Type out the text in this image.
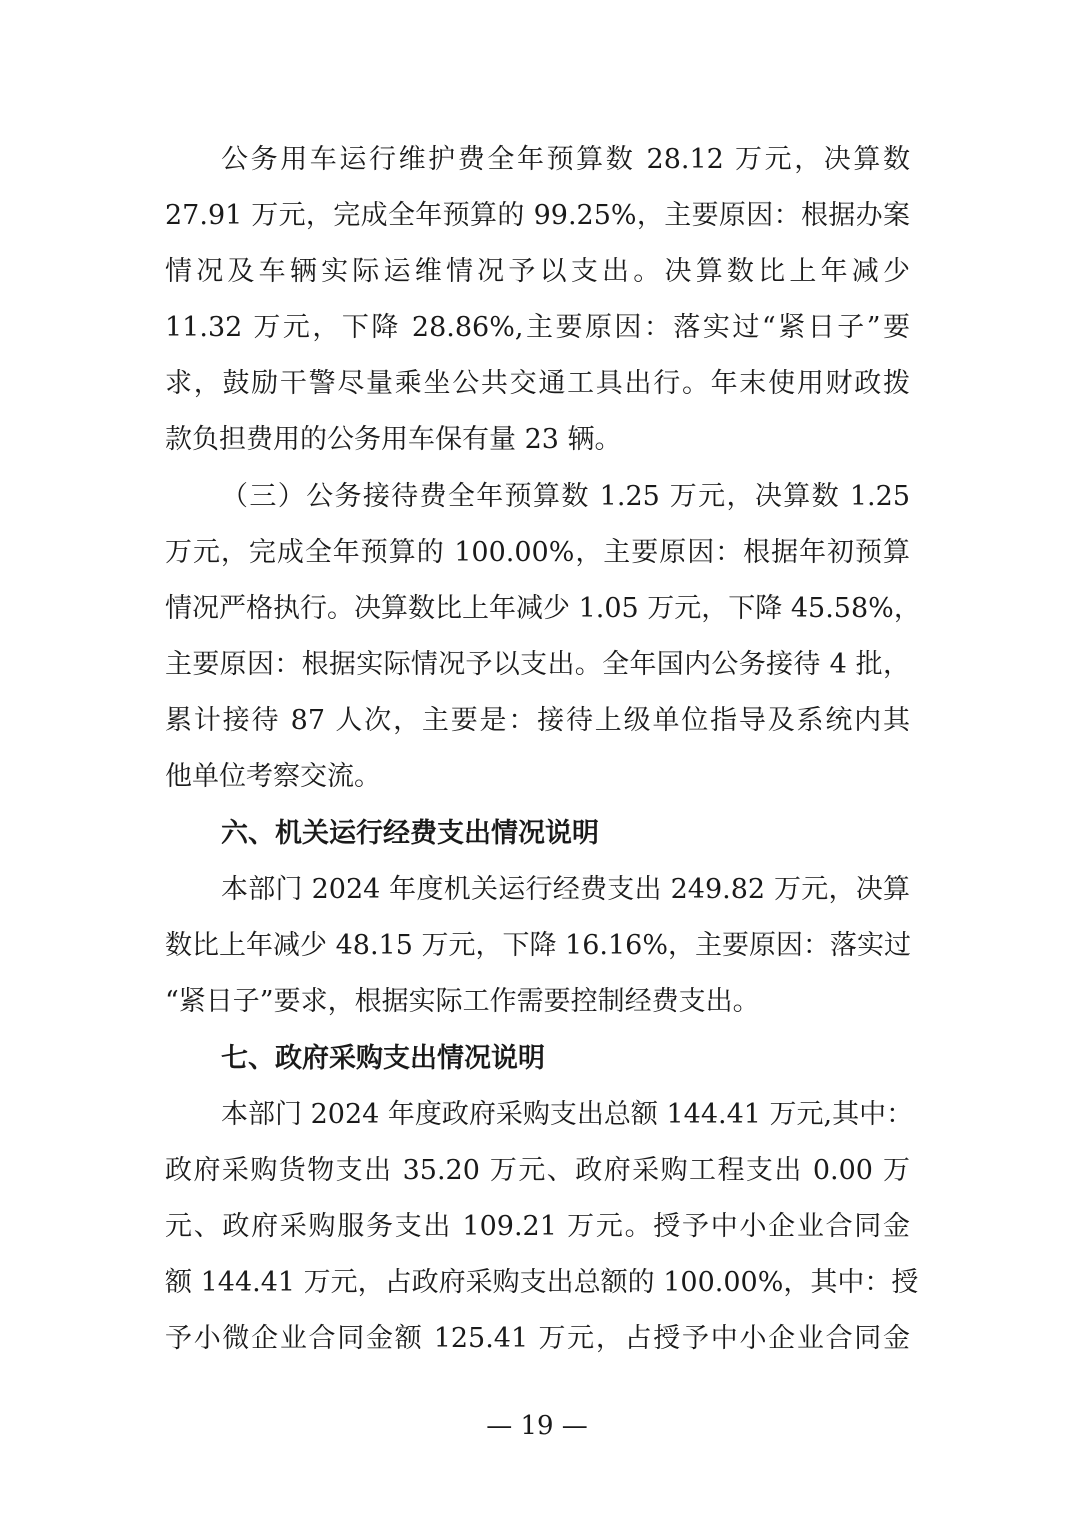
公务用车运行维护费全年预算数 28.12 万元，决算数
27.91 万元，完成全年预算的 99.25%，主要原因：根据办案
情况及车辆实际运维情况予以支出。决算数比上年减少
11.32 万元，下降 28.86%,主要原因：落实过“紧日子”要
求，鼓励干警尽量乘坐公共交通工具出行。年末使用财政拨
款负担费用的公务用车保有量 23 辆。
（三）公务接待费全年预算数 1.25 万元，决算数 1.25
万元，完成全年预算的 100.00%，主要原因：根据年初预算
情况严格执行。决算数比上年减少 1.05 万元，下降 45.58%，
主要原因：根据实际情况予以支出。全年国内公务接待 4 批，
累计接待 87 人次，主要是：接待上级单位指导及系统内其
他单位考察交流。
六、机关运行经费支出情况说明
本部门 2024 年度机关运行经费支出 249.82 万元，决算
数比上年减少 48.15 万元，下降 16.16%，主要原因：落实过
“紧日子”要求，根据实际工作需要控制经费支出。
七、政府采购支出情况说明
本部门 2024 年度政府采购支出总额 144.41 万元,其中：
政府采购货物支出 35.20 万元、政府采购工程支出 0.00 万
元、政府采购服务支出 109.21 万元。授予中小企业合同金
额 144.41 万元，占政府采购支出总额的 100.00%，其中：授
予小微企业合同金额 125.41 万元，占授予中小企业合同金
— 19 —
